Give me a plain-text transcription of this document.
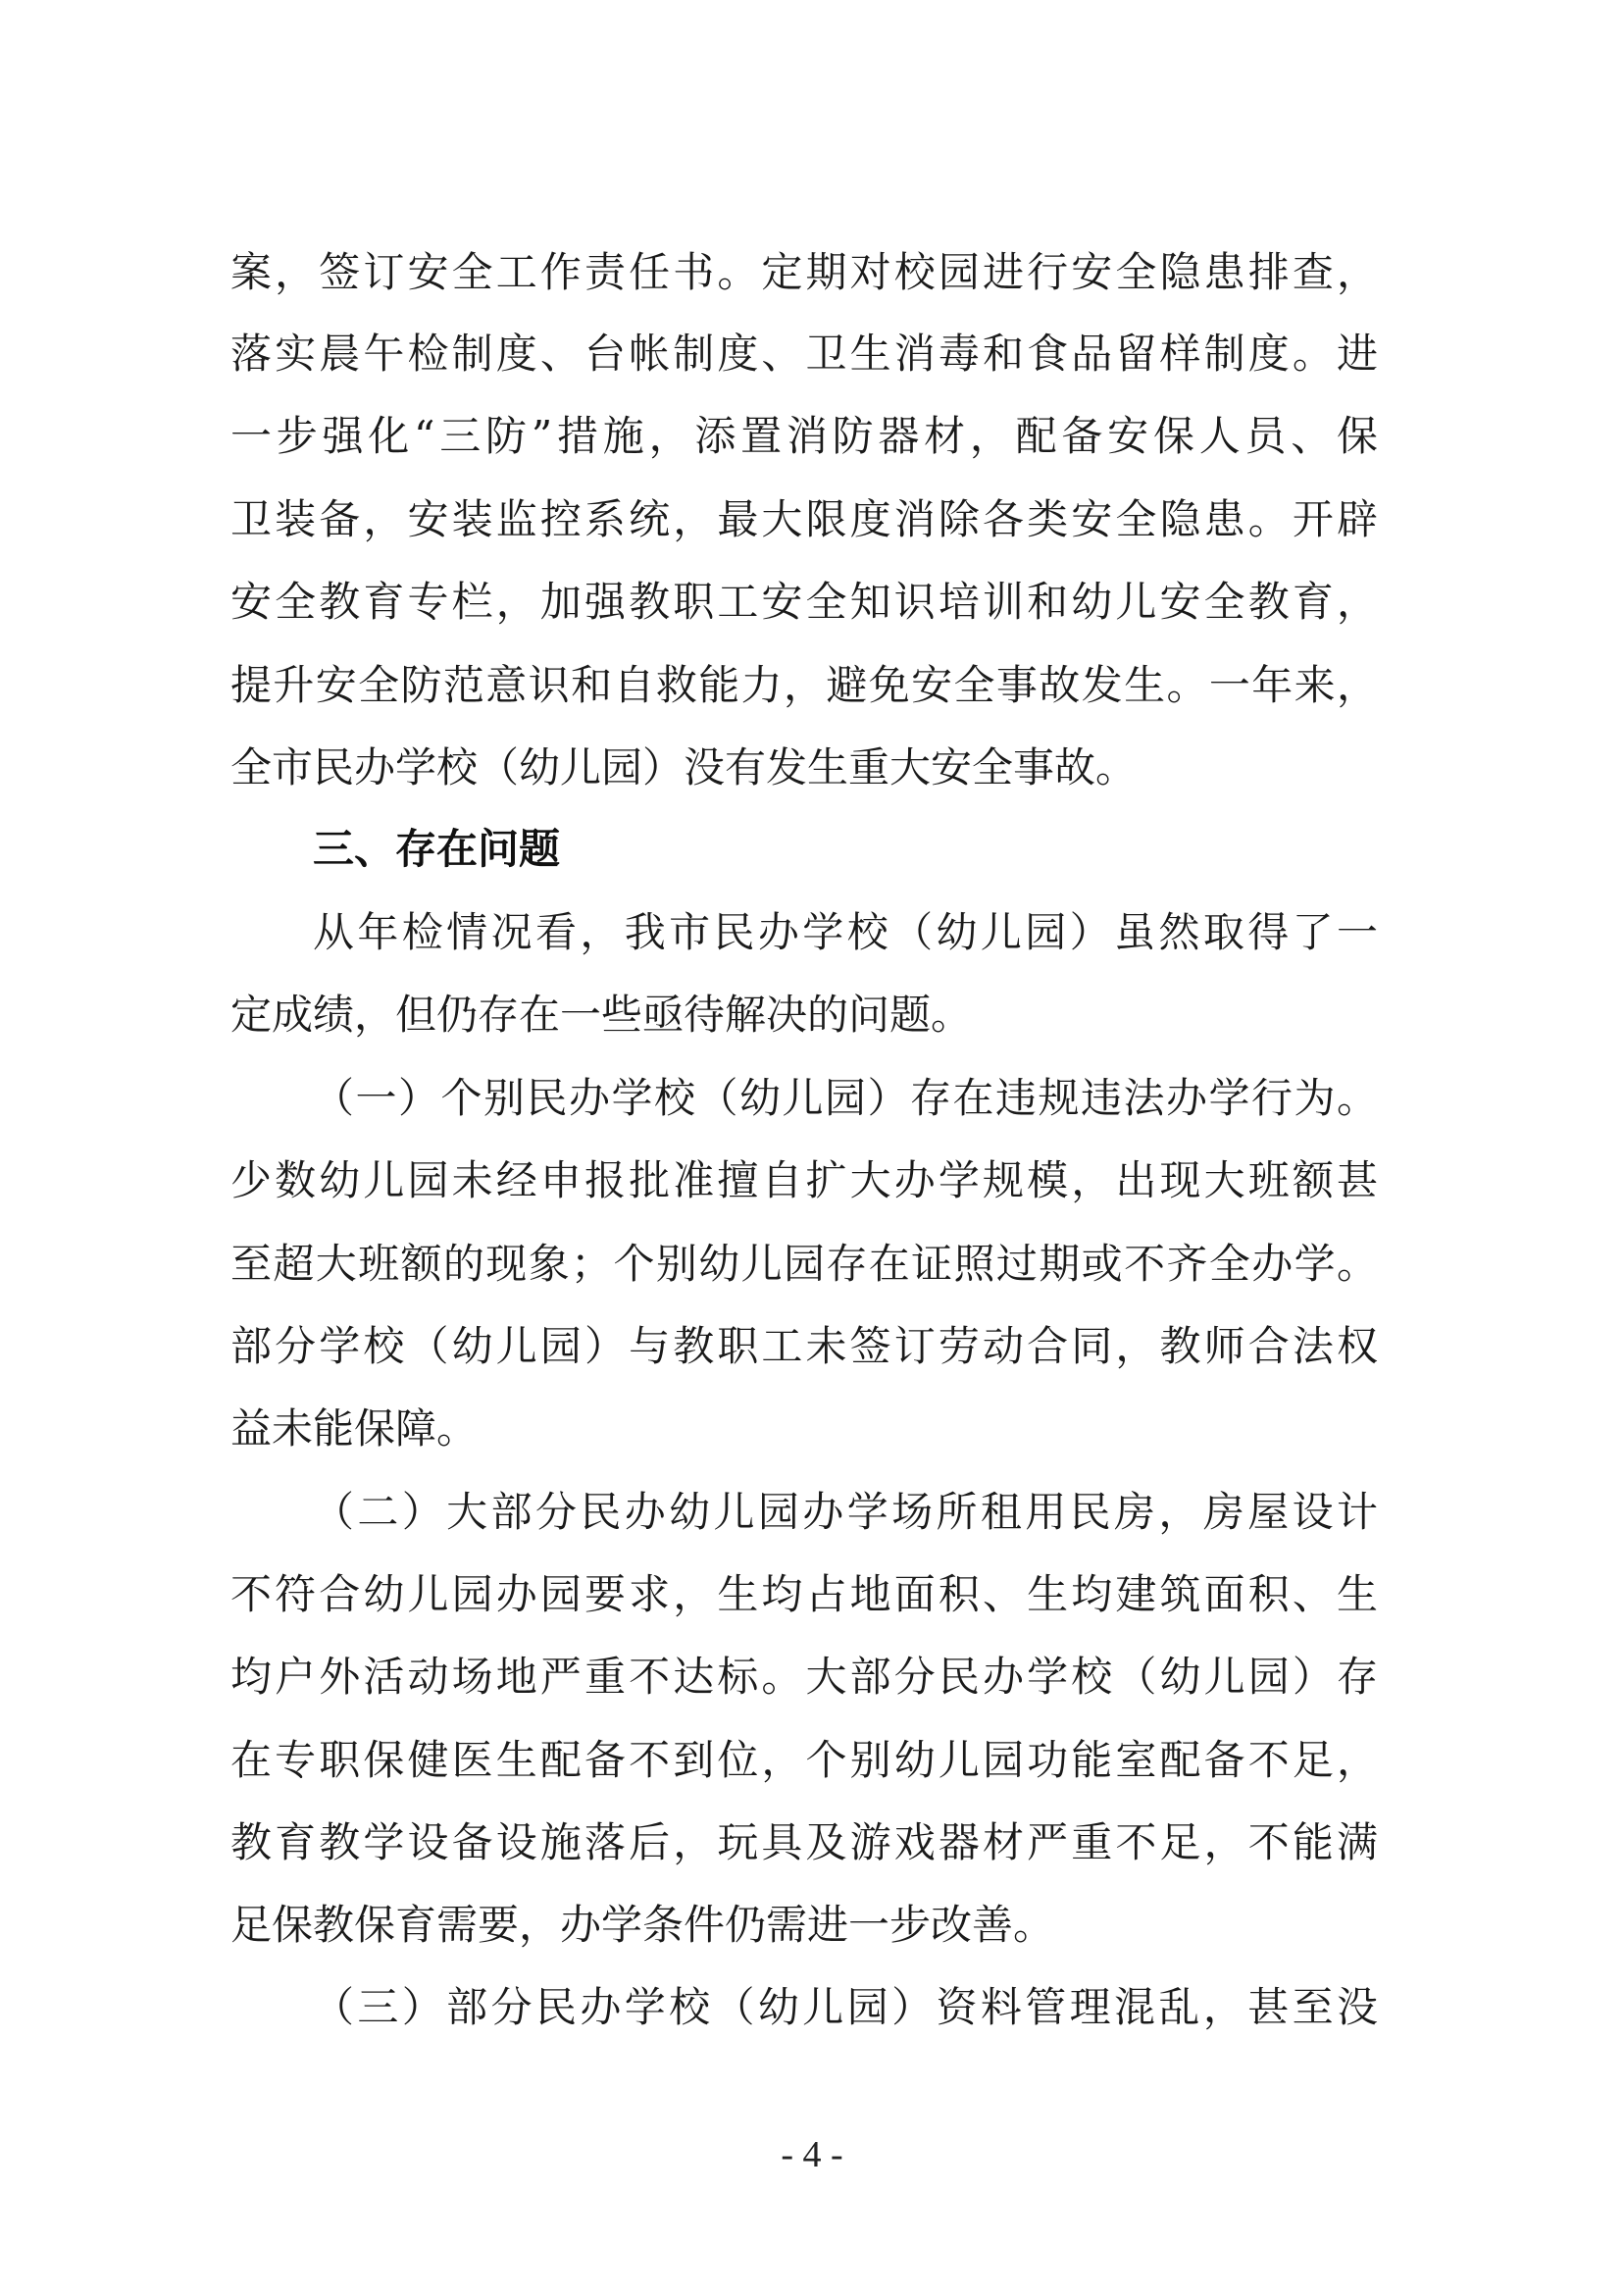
案，签订安全工作责任书。定期对校园进行安全隐患排查，
落实晨午检制度、台帐制度、卫生消毒和食品留样制度。进
一步强化“三防”措施，添置消防器材，配备安保人员、保
卫装备，安装监控系统，最大限度消除各类安全隐患。开辟
安全教育专栏，加强教职工安全知识培训和幼儿安全教育，
提升安全防范意识和自救能力，避免安全事故发生。一年来，
全市民办学校（幼儿园）没有发生重大安全事故。
三、存在问题
从年检情况看，我市民办学校（幼儿园）虽然取得了一
定成绩，但仍存在一些亟待解决的问题。
（一）个别民办学校（幼儿园）存在违规违法办学行为。
少数幼儿园未经申报批准擅自扩大办学规模，出现大班额甚
至超大班额的现象；个别幼儿园存在证照过期或不齐全办学。
部分学校（幼儿园）与教职工未签订劳动合同，教师合法权
益未能保障。
（二）大部分民办幼儿园办学场所租用民房，房屋设计
不符合幼儿园办园要求，生均占地面积、生均建筑面积、生
均户外活动场地严重不达标。大部分民办学校（幼儿园）存
在专职保健医生配备不到位，个别幼儿园功能室配备不足，
教育教学设备设施落后，玩具及游戏器材严重不足，不能满
足保教保育需要，办学条件仍需进一步改善。
（三）部分民办学校（幼儿园）资料管理混乱，甚至没
- 4 -
